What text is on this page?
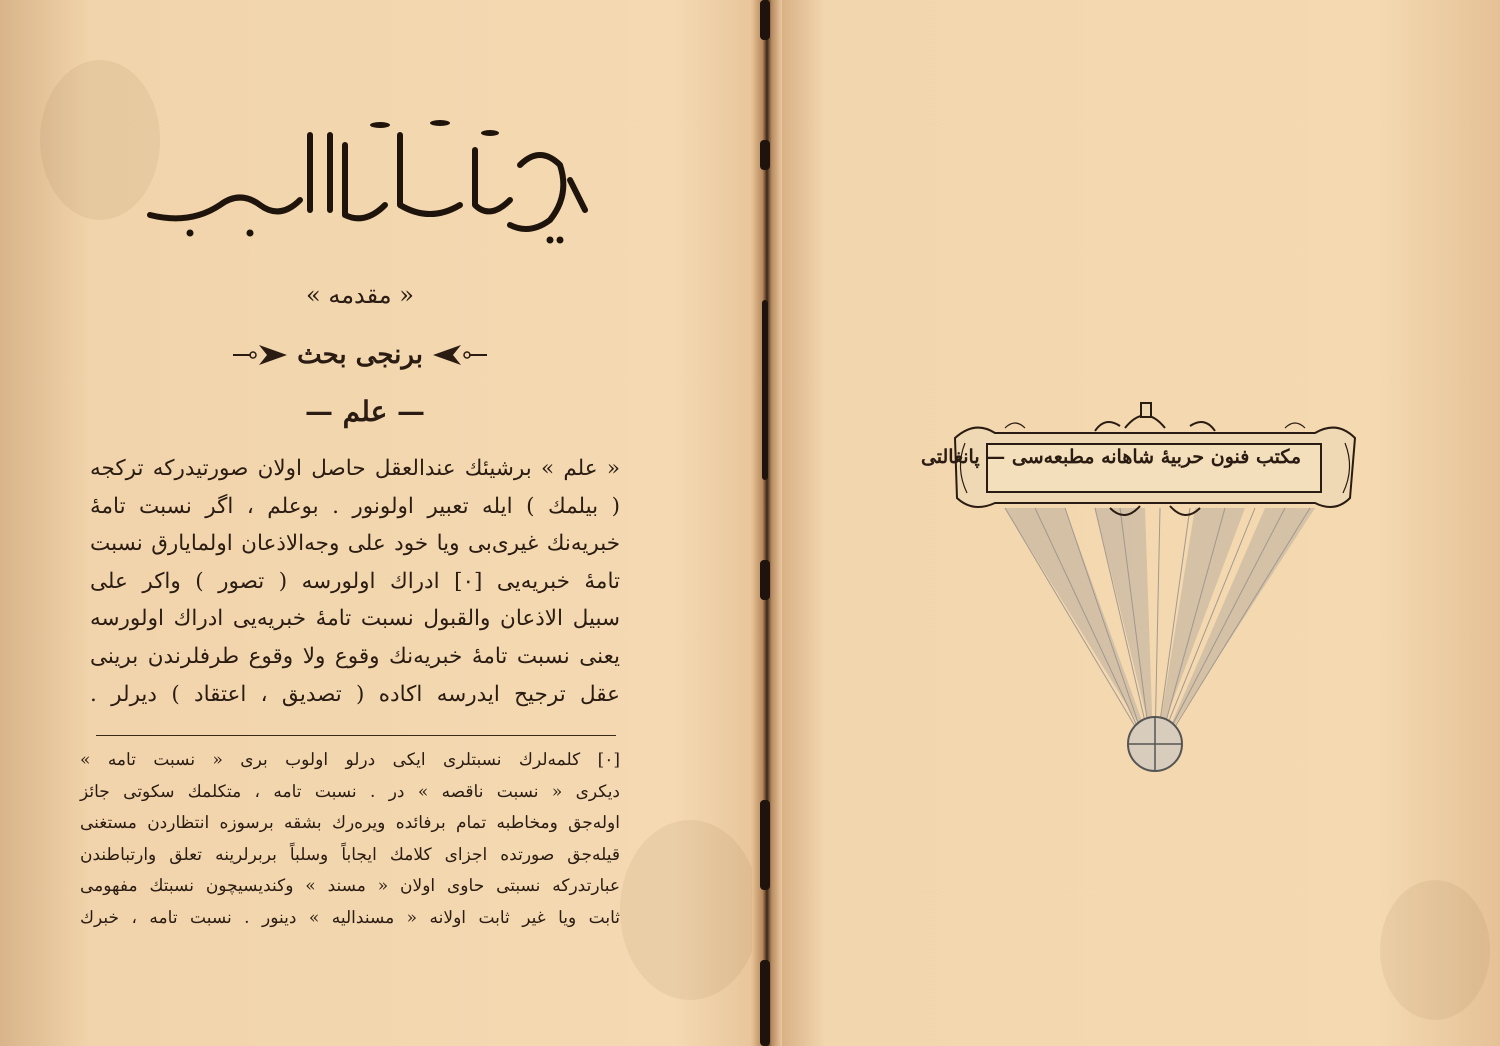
« مقدمه »
برنجی بحث
— علم —
« علم » برشیئك عندالعقل حاصل اولان صورتیدرکه ترکجه
( بیلمك ) ایله تعبیر اولونور . بوعلم ، اگر نسبت تامهٔ
خبریه‌نك غیری‌بی ویا خود علی وجه‌الاذعان اولمایارق نسبت
تامهٔ خبریه‌یی [٠] ادراك اولورسه ( تصور ) واکر علی
سبیل الاذعان والقبول نسبت تامهٔ خبریه‌یی ادراك اولورسه
یعنی نسبت تامهٔ خبریه‌نك وقوع ولا وقوع طرفلرندن برینی
عقل ترجیح ایدرسه اکاده ( تصدیق ، اعتقاد ) دیرلر .
[٠] کلمه‌لرك نسبتلری ایکی درلو اولوب بری « نسبت تامه »
دیکری « نسبت ناقصه » در . نسبت تامه ، متکلمك سکوتی جائز
اوله‌جق ومخاطبه تمام برفائده ویره‌رك بشقه برسوزه انتظاردن مستغنی
قیله‌جق صورتده اجزای کلامك ایجاباً وسلباً بربرلرینه تعلق وارتباطندن
عبارتدرکه نسبتی حاوی اولان « مسند » وکندیسیچون نسبتك مفهومی
ثابت ویا غیر ثابت اولانه « مسندالیه » دینور . نسبت تامه ، خبرك
مکتب فنون حربیهٔ شاهانه مطبعه‌سی — پانغالتی
